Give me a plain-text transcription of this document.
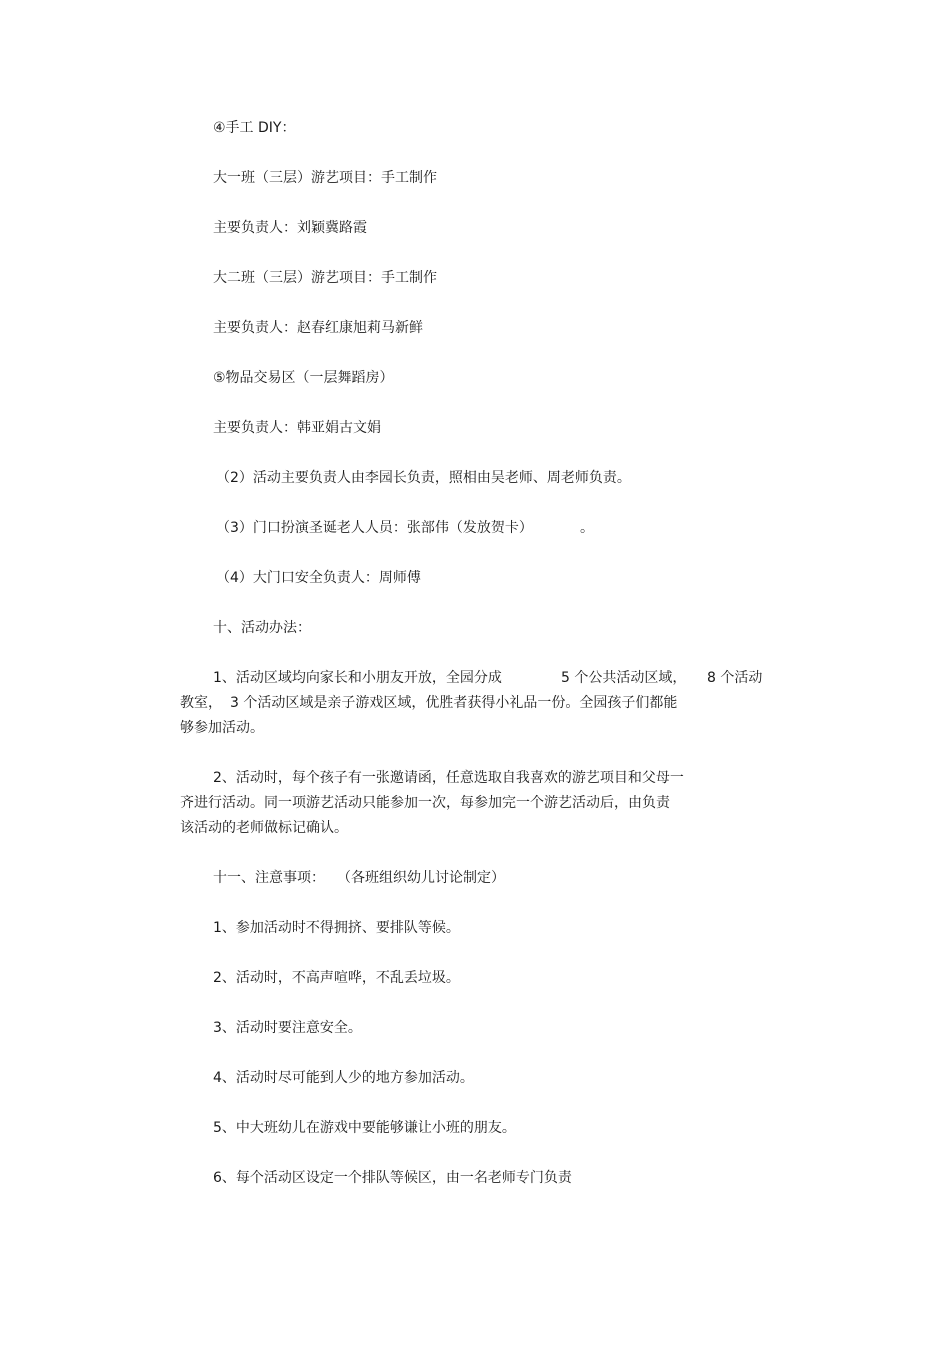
④手工 DIY：
大一班（三层）游艺项目：手工制作
主要负责人：刘颖冀路霞
大二班（三层）游艺项目：手工制作
主要负责人：赵春红康旭莉马新鲜
⑤物品交易区（一层舞蹈房）
主要负责人：韩亚娟古文娟
（2）活动主要负责人由李园长负责，照相由吴老师、周老师负责。
（3）门口扮演圣诞老人人员：张部伟（发放贺卡）	。
（4）大门口安全负责人：周师傅
十、活动办法：
1、活动区域均向家长和小朋友开放，全园分成	5 个公共活动区域， 8 个活动
教室， 3 个活动区域是亲子游戏区域，优胜者获得小礼品一份。全园孩子们都能
够参加活动。
2、活动时，每个孩子有一张邀请函，任意选取自我喜欢的游艺项目和父母一
齐进行活动。同一项游艺活动只能参加一次，每参加完一个游艺活动后，由负责
该活动的老师做标记确认。
十一、注意事项： （各班组织幼儿讨论制定）
1、参加活动时不得拥挤、要排队等候。
2、活动时，不高声喧哗，不乱丢垃圾。
3、活动时要注意安全。
4、活动时尽可能到人少的地方参加活动。
5、中大班幼儿在游戏中要能够谦让小班的朋友。
6、每个活动区设定一个排队等候区，由一名老师专门负责
